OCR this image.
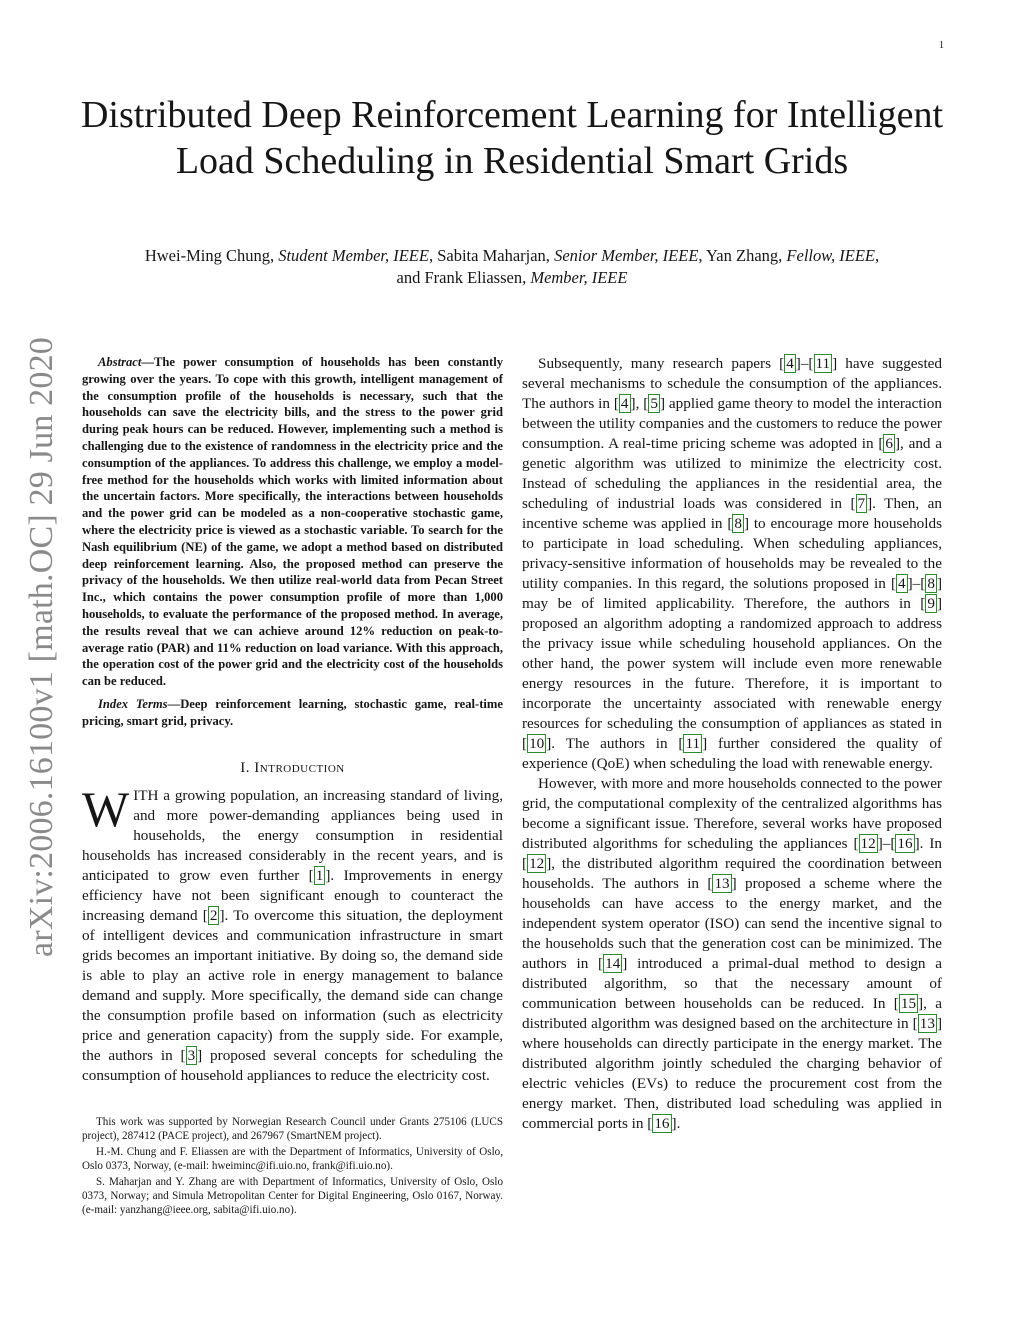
1
arXiv:2006.16100v1 [math.OC] 29 Jun 2020
Distributed Deep Reinforcement Learning for Intelligent Load Scheduling in Residential Smart Grids
Hwei-Ming Chung, Student Member, IEEE, Sabita Maharjan, Senior Member, IEEE, Yan Zhang, Fellow, IEEE,
and Frank Eliassen, Member, IEEE

Abstract—The power consumption of households has been constantly growing over the years. To cope with this growth, intelligent management of the consumption profile of the households is necessary, such that the households can save the electricity bills, and the stress to the power grid during peak hours can be reduced. However, implementing such a method is challenging due to the existence of randomness in the electricity price and the consumption of the appliances. To address this challenge, we employ a model-free method for the households which works with limited information about the uncertain factors. More specifically, the interactions between households and the power grid can be modeled as a non-cooperative stochastic game, where the electricity price is viewed as a stochastic variable. To search for the Nash equilibrium (NE) of the game, we adopt a method based on distributed deep reinforcement learning. Also, the proposed method can preserve the privacy of the households. We then utilize real-world data from Pecan Street Inc., which contains the power consumption profile of more than 1,000 households, to evaluate the performance of the proposed method. In average, the results reveal that we can achieve around 12% reduction on peak-to-average ratio (PAR) and 11% reduction on load variance. With this approach, the operation cost of the power grid and the electricity cost of the households can be reduced.

Index Terms—Deep reinforcement learning, stochastic game, real-time pricing, smart grid, privacy.

I. Introduction

WITH a growing population, an increasing standard of living, and more power-demanding appliances being used in households, the energy consumption in residential households has increased considerably in the recent years, and is anticipated to grow even further [ 1 ]. Improvements in energy efficiency have not been significant enough to counteract the increasing demand [ 2 ]. To overcome this situation, the deployment of intelligent devices and communication infrastructure in smart grids becomes an important initiative. By doing so, the demand side is able to play an active role in energy management to balance demand and supply. More specifically, the demand side can change the consumption profile based on information (such as electricity price and generation capacity) from the supply side. For example, the authors in [ 3 ] proposed several concepts for scheduling the consumption of household appliances to reduce the electricity cost.

Subsequently, many research papers [ 4 ]–[ 11 ] have suggested several mechanisms to schedule the consumption of the appliances. The authors in [ 4 ], [ 5 ] applied game theory to model the interaction between the utility companies and the customers to reduce the power consumption. A real-time pricing scheme was adopted in [ 6 ], and a genetic algorithm was utilized to minimize the electricity cost. Instead of scheduling the appliances in the residential area, the scheduling of industrial loads was considered in [ 7 ]. Then, an incentive scheme was applied in [ 8 ] to encourage more households to participate in load scheduling. When scheduling appliances, privacy-sensitive information of households may be revealed to the utility companies. In this regard, the solutions proposed in [ 4 ]–[ 8 ] may be of limited applicability. Therefore, the authors in [ 9 ] proposed an algorithm adopting a randomized approach to address the privacy issue while scheduling household appliances. On the other hand, the power system will include even more renewable energy resources in the future. Therefore, it is important to incorporate the uncertainty associated with renewable energy resources for scheduling the consumption of appliances as stated in [ 10 ]. The authors in [ 11 ] further considered the quality of experience (QoE) when scheduling the load with renewable energy.

However, with more and more households connected to the power grid, the computational complexity of the centralized algorithms has become a significant issue. Therefore, several works have proposed distributed algorithms for scheduling the appliances [ 12 ]–[ 16 ]. In [ 12 ], the distributed algorithm required the coordination between households. The authors in [ 13 ] proposed a scheme where the households can have access to the energy market, and the independent system operator (ISO) can send the incentive signal to the households such that the generation cost can be minimized. The authors in [ 14 ] introduced a primal-dual method to design a distributed algorithm, so that the necessary amount of communication between households can be reduced. In [ 15 ], a distributed algorithm was designed based on the architecture in [ 13 ] where households can directly participate in the energy market. The distributed algorithm jointly scheduled the charging behavior of electric vehicles (EVs) to reduce the procurement cost from the energy market. Then, distributed load scheduling was applied in commercial ports in [ 16 ].

This work was supported by Norwegian Research Council under Grants 275106 (LUCS project), 287412 (PACE project), and 267967 (SmartNEM project).

H.-M. Chung and F. Eliassen are with the Department of Informatics, University of Oslo, Oslo 0373, Norway, (e-mail: hweiminc@ifi.uio.no, frank@ifi.uio.no).

S. Maharjan and Y. Zhang are with Department of Informatics, University of Oslo, Oslo 0373, Norway; and Simula Metropolitan Center for Digital Engineering, Oslo 0167, Norway. (e-mail: yanzhang@ieee.org, sabita@ifi.uio.no).
